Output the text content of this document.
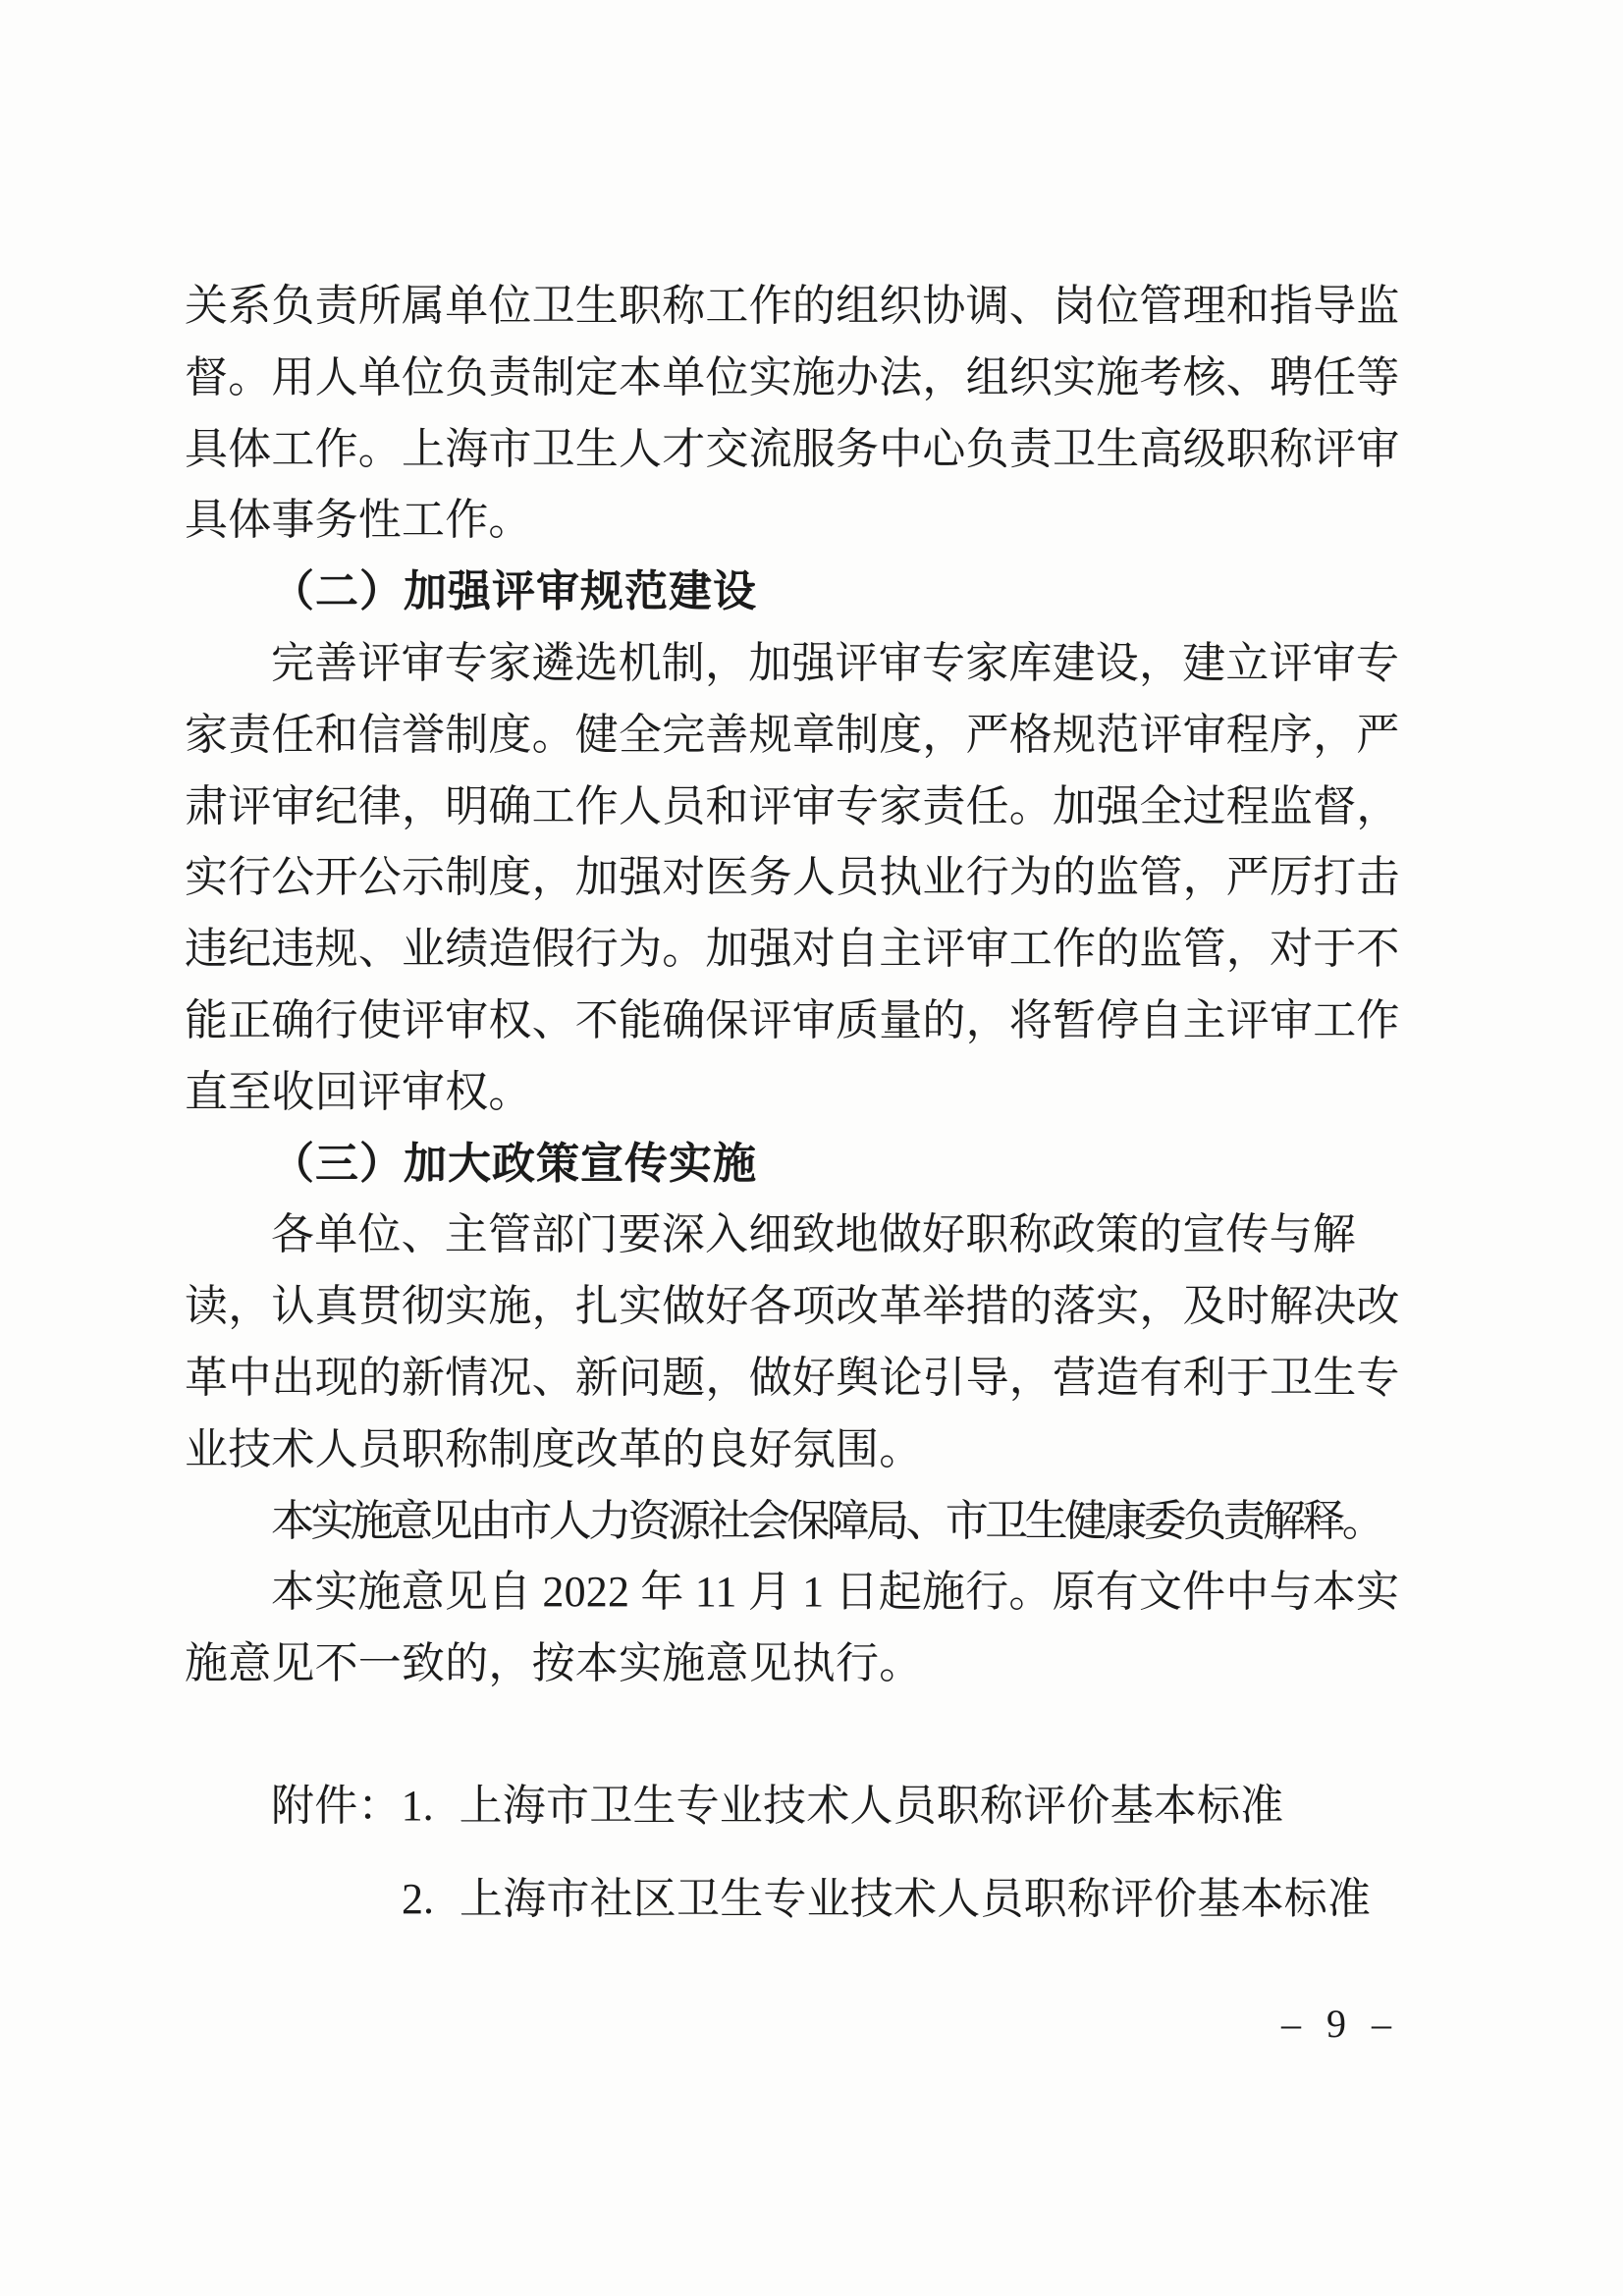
关系负责所属单位卫生职称工作的组织协调、岗位管理和指导监
督。用人单位负责制定本单位实施办法，组织实施考核、聘任等
具体工作。上海市卫生人才交流服务中心负责卫生高级职称评审
具体事务性工作。
（二）加强评审规范建设
完善评审专家遴选机制，加强评审专家库建设，建立评审专
家责任和信誉制度。健全完善规章制度，严格规范评审程序，严
肃评审纪律，明确工作人员和评审专家责任。加强全过程监督，
实行公开公示制度，加强对医务人员执业行为的监管，严厉打击
违纪违规、业绩造假行为。加强对自主评审工作的监管，对于不
能正确行使评审权、不能确保评审质量的，将暂停自主评审工作
直至收回评审权。
（三）加大政策宣传实施
各单位、主管部门要深入细致地做好职称政策的宣传与解
读，认真贯彻实施，扎实做好各项改革举措的落实，及时解决改
革中出现的新情况、新问题，做好舆论引导，营造有利于卫生专
业技术人员职称制度改革的良好氛围。
本实施意见由市人力资源社会保障局、市卫生健康委负责解释。
本实施意见自 2022 年 11 月 1 日起施行。原有文件中与本实
施意见不一致的，按本实施意见执行。
附件：1. 上海市卫生专业技术人员职称评价基本标准
2. 上海市社区卫生专业技术人员职称评价基本标准
– 9 –
